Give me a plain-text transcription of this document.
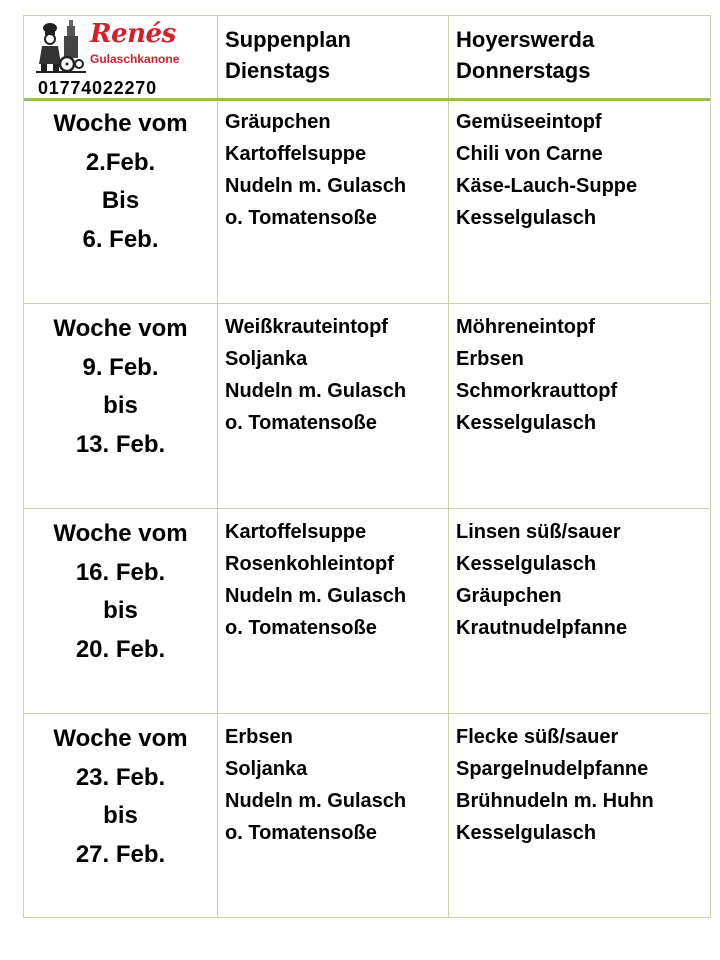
Renés
Gulaschkanone
01774022270
Suppenplan
Dienstags
Hoyerswerda
Donnerstags
Woche vom
2.Feb.
Bis
6. Feb.
Gräupchen
Kartoffelsuppe
Nudeln m. Gulasch
o. Tomatensoße
Gemüseeintopf
Chili von Carne
Käse-Lauch-Suppe
Kesselgulasch
Woche vom
9. Feb.
bis
13. Feb.
Weißkrauteintopf
Soljanka
Nudeln m. Gulasch
o. Tomatensoße
Möhreneintopf
Erbsen
Schmorkrauttopf
Kesselgulasch
Woche vom
16. Feb.
bis
20. Feb.
Kartoffelsuppe
Rosenkohleintopf
Nudeln m. Gulasch
o. Tomatensoße
Linsen süß/sauer
Kesselgulasch
Gräupchen
Krautnudelpfanne
Woche vom
23. Feb.
bis
27. Feb.
Erbsen
Soljanka
Nudeln m. Gulasch
o. Tomatensoße
Flecke süß/sauer
Spargelnudelpfanne
Brühnudeln m. Huhn
Kesselgulasch
